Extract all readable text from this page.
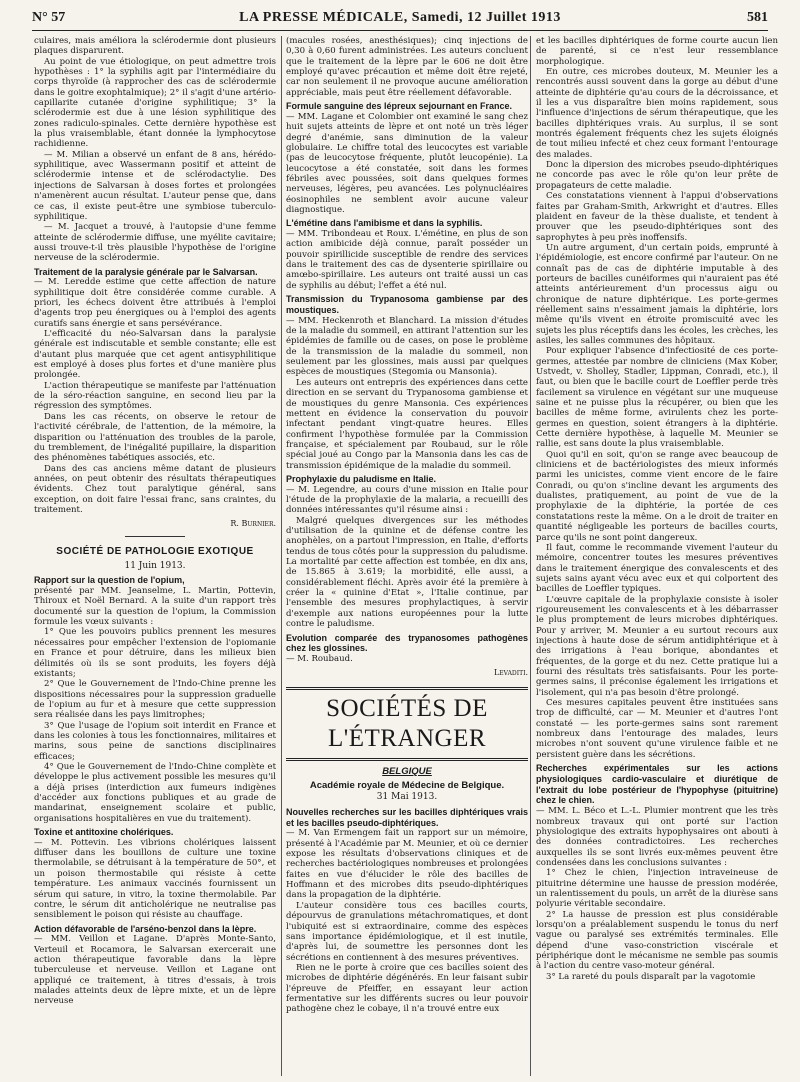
N° 57	LA PRESSE MÉDICALE, Samedi, 12 Juillet 1913	581

culaires, mais améliora la sclérodermie dont plusieurs plaques disparurent.

Au point de vue étiologique, on peut admettre trois hypothèses : 1° la syphilis agit par l'intermédiaire du corps thyroïde (à rapprocher des cas de sclérodermie dans le goitre exophtalmique); 2° il s'agit d'une artério-capillarite cutanée d'origine syphilitique; 3° la sclérodermie est due à une lésion syphilitique des zones radiculo-spinales. Cette dernière hypothèse est la plus vraisemblable, étant donnée la lymphocytose rachidienne.

— M. Milian a observé un enfant de 8 ans, hérédo-syphilitique, avec Wassermann positif et atteint de sclérodermie intense et de sclérodactylie. Des injections de Salvarsan à doses fortes et prolongées n'amenèrent aucun résultat. L'auteur pense que, dans ce cas, il existe peut-être une symbiose tuberculo-syphilitique.

— M. Jacquet a trouvé, à l'autopsie d'une femme atteinte de sclérodermie diffuse, une myélite cavitaire; aussi trouve-t-il très plausible l'hypothèse de l'origine nerveuse de la sclérodermie.

Traitement de la paralysie générale par le Salvarsan.

— M. Leredde estime que cette affection de nature syphilitique doit être considérée comme curable. A priori, les échecs doivent être attribués à l'emploi d'agents trop peu énergiques ou à l'emploi des agents curatifs sans énergie et sans persévérance.

L'efficacité du néo-Salvarsan dans la paralysie générale est indiscutable et semble constante; elle est d'autant plus marquée que cet agent antisyphilitique est employé à doses plus fortes et d'une manière plus prolongée.

L'action thérapeutique se manifeste par l'atténuation de la séro-réaction sanguine, en second lieu par la régression des symptômes.

Dans les cas récents, on observe le retour de l'activité cérébrale, de l'attention, de la mémoire, la disparition ou l'atténuation des troubles de la parole, du tremblement, de l'inégalité pupillaire, la disparition des phénomènes tabétiques associés, etc.

Dans des cas anciens même datant de plusieurs années, on peut obtenir des résultats thérapeutiques évidents. Chez tout paralytique général, sans exception, on doit faire l'essai franc, sans craintes, du traitement.

R. Burnier.
SOCIÉTÉ DE PATHOLOGIE EXOTIQUE
11 Juin 1913.

Rapport sur la question de l'opium,

présenté par MM. Jeanselme, L. Martin, Pottevin, Thiroux et Noël Bernard. A la suite d'un rapport très documenté sur la question de l'opium, la Commission formule les vœux suivants :

1° Que les pouvoirs publics prennent les mesures nécessaires pour empêcher l'extension de l'opiomanie en France et pour détruire, dans les milieux bien délimités où ils se sont produits, les foyers déjà existants;

2° Que le Gouvernement de l'Indo-Chine prenne les dispositions nécessaires pour la suppression graduelle de l'opium au fur et à mesure que cette suppression sera réalisée dans les pays limitrophes;

3° Que l'usage de l'opium soit interdit en France et dans les colonies à tous les fonctionnaires, militaires et marins, sous peine de sanctions disciplinaires efficaces;

4° Que le Gouvernement de l'Indo-Chine complète et développe le plus activement possible les mesures qu'il a déjà prises (interdiction aux fumeurs indigènes d'accéder aux fonctions publiques et au grade de mandarinat, enseignement scolaire et public, organisations hospitalières en vue du traitement).

Toxine et antitoxine cholériques.

— M. Pottevin. Les vibrions cholériques laissent diffuser dans les bouillons de culture une toxine thermolabile, se détruisant à la température de 50°, et un poison thermostabile qui résiste à cette température. Les animaux vaccinés fournissent un sérum qui sature, in vitro, la toxine thermolabile. Par contre, le sérum dit anticholérique ne neutralise pas sensiblement le poison qui résiste au chauffage.

Action défavorable de l'arséno-benzol dans la lèpre.

— MM. Veillon et Lagane. D'après Monte-Santo, Verteuil et Rocamora, le Salvarsan exercerait une action thérapeutique favorable dans la lèpre tuberculeuse et nerveuse. Veillon et Lagane ont appliqué ce traitement, à titres d'essais, à trois malades atteints deux de lèpre mixte, et un de lèpre nerveuse

(macules rosées, anesthésiques); cinq injections de 0,30 à 0,60 furent administrées. Les auteurs concluent que le traitement de la lèpre par le 606 ne doit être employé qu'avec précaution et même doit être rejeté, car non seulement il ne provoque aucune amélioration appréciable, mais peut être réellement défavorable.

Formule sanguine des lépreux sejournant en France.

— MM. Lagane et Colombier ont examiné le sang chez huit sujets atteints de lèpre et ont noté un très léger degré d'anémie, sans diminution de la valeur globulaire. Le chiffre total des leucocytes est variable (pas de leucocytose fréquente, plutôt leucopénie). La leucocytose a été constatée, soit dans les formes fébriles avec poussées, soit dans quelques formes nerveuses, légères, peu avancées. Les polynucléaires éosinophiles ne semblent avoir aucune valeur diagnostique.

L'émétine dans l'amibisme et dans la syphilis.

— MM. Tribondeau et Roux. L'émétine, en plus de son action amibicide déjà connue, paraît posséder un pouvoir spirillicide susceptible de rendre des services dans le traitement des cas de dysenterie spirillaire ou amœbo-spirillaire. Les auteurs ont traité aussi un cas de syphilis au début; l'effet a été nul.

Transmission du Trypanosoma gambiense par des moustiques.

— MM. Heckenroth et Blanchard. La mission d'études de la maladie du sommeil, en attirant l'attention sur les épidémies de famille ou de cases, on pose le problème de la transmission de la maladie du sommeil, non seulement par les glossines, mais aussi par quelques espèces de moustiques (Stegomia ou Mansonia).

Les auteurs ont entrepris des expériences dans cette direction en se servant du Trypanosoma gambiense et de moustiques du genre Mansonia. Ces expériences mettent en évidence la conservation du pouvoir infectant pendant vingt-quatre heures. Elles confirment l'hypothèse formulée par la Commission française, et spécialement par Roubaud, sur le rôle spécial joué au Congo par la Mansonia dans les cas de transmission épidémique de la maladie du sommeil.

Prophylaxie du paludisme en Italie.

— M. Legendre, au cours d'une mission en Italie pour l'étude de la prophylaxie de la malaria, a recueilli des données intéressantes qu'il résume ainsi :

Malgré quelques divergences sur les méthodes d'utilisation de la quinine et de défense contre les anophèles, on a partout l'impression, en Italie, d'efforts tendus de tous côtés pour la suppression du paludisme. La mortalité par cette affection est tombée, en dix ans, de 15.865 à 3.619; la morbidité, elle aussi, a considérablement fléchi. Après avoir été la première à créer la « quinine d'Etat », l'Italie continue, par l'ensemble des mesures prophylactiques, à servir d'exemple aux nations européennes pour la lutte contre le paludisme.

Evolution comparée des trypanosomes pathogènes chez les glossines.

— M. Roubaud.

Levaditi.
SOCIÉTÉS DE L'ÉTRANGER
BELGIQUE
Académie royale de Médecine de Belgique.
31 Mai 1913.

Nouvelles recherches sur les bacilles diphtériques vrais et les bacilles pseudo-diphtériques.

— M. Van Ermengem fait un rapport sur un mémoire, présenté à l'Académie par M. Meunier, et où ce dernier expose les résultats d'observations cliniques et de recherches bactériologiques nombreuses et prolongées faites en vue d'élucider le rôle des bacilles de Hoffmann et des microbes dits pseudo-diphtériques dans la propagation de la diphtérie.

L'auteur considère tous ces bacilles courts, dépourvus de granulations métachromatiques, et dont l'ubiquité est si extraordinaire, comme des espèces sans importance épidémiologique, et il est inutile, d'après lui, de soumettre les personnes dont les sécrétions en contiennent à des mesures préventives.

Rien ne le porte à croire que ces bacilles soient des microbes de diphtérie dégénérés. En leur faisant subir l'épreuve de Pfeiffer, en essayant leur action fermentative sur les différents sucres ou leur pouvoir pathogène chez le cobaye, il n'a trouvé entre eux

et les bacilles diphtériques de forme courte aucun lien de parenté, si ce n'est leur ressemblance morphologique.

En outre, ces microbes douteux, M. Meunier les a rencontrés aussi souvent dans la gorge au début d'une atteinte de diphtérie qu'au cours de la décroissance, et il les a vus disparaître bien moins rapidement, sous l'influence d'injections de sérum thérapeutique, que les bacilles diphtériques vrais. Au surplus, il se sont montrés également fréquents chez les sujets éloignés de tout milieu infecté et chez ceux formant l'entourage des malades.

Donc la dipersion des microbes pseudo-diphtériques ne concorde pas avec le rôle qu'on leur prête de propagateurs de cette maladie.

Ces constatations viennent à l'appui d'observations faites par Graham-Smith, Arkwright et d'autres. Elles plaident en faveur de la thèse dualiste, et tendent à prouver que les pseudo-diphtériques sont des saprophytes à peu près inoffensifs.

Un autre argument, d'un certain poids, emprunté à l'épidémiologie, est encore confirmé par l'auteur. On ne connaît pas de cas de diphtérie imputable à des porteurs de bacilles cunéiformes qui n'auraient pas été atteints antérieurement d'un processus aigu ou chronique de nature diphtérique. Les porte-germes réellement sains n'essaiment jamais la diphtérie, lors même qu'ils vivent en étroite promiscuité avec les sujets les plus réceptifs dans les écoles, les crèches, les asiles, les salles communes des hôpitaux.

Pour expliquer l'absence d'infectiosité de ces porte-germes, attestée par nombre de cliniciens (Max Kober, Ustvedt, v. Sholley, Stadler, Lippman, Conradi, etc.), il faut, ou bien que le bacille court de Loeffler perde très facilement sa virulence en végétant sur une muqueuse saine et ne puisse plus la récupérer, ou bien que les bacilles de même forme, avirulents chez les porte-germes en question, soient étrangers à la diphtérie. Cette dernière hypothèse, à laquelle M. Meunier se rallie, est sans doute la plus vraisemblable.

Quoi qu'il en soit, qu'on se range avec beaucoup de cliniciens et de bactériologistes des mieux informés parmi les unicistes, comme vient encore de le faire Conradi, ou qu'on s'incline devant les arguments des dualistes, pratiquement, au point de vue de la prophylaxie de la diphtérie, la portée de ces constatations reste la même. On a le droit de traiter en quantité négligeable les porteurs de bacilles courts, parce qu'ils ne sont point dangereux.

Il faut, comme le recommande vivement l'auteur du mémoire, concentrer toutes les mesures préventives dans le traitement énergique des convalescents et des sujets sains ayant vécu avec eux et qui colportent des bacilles de Loeffler typiques.

L'œuvre capitale de la prophylaxie consiste à isoler rigoureusement les convalescents et à les débarrasser le plus promptement de leurs microbes diphtériques. Pour y arriver, M. Meunier a eu surtout recours aux injections à haute dose de sérum antidiphtérique et à des irrigations à l'eau borique, abondantes et fréquentes, de la gorge et du nez. Cette pratique lui a fourni des résultats très satisfaisants. Pour les porte-germes sains, il préconise également les irrigations et l'isolement, qui n'a pas besoin d'être prolongé.

Ces mesures capitales peuvent être instituées sans trop de difficulté, car — M. Meunier et d'autres l'ont constaté — les porte-germes sains sont rarement nombreux dans l'entourage des malades, leurs microbes n'ont souvent qu'une virulence faible et ne persistent guère dans les sécrétions.

Recherches expérimentales sur les actions physiologiques cardio-vasculaire et diurétique de l'extrait du lobe postérieur de l'hypophyse (pituitrine) chez le chien.

— MM. L. Béco et L.-L. Plumier montrent que les très nombreux travaux qui ont porté sur l'action physiologique des extraits hypophysaires ont abouti à des données contradictoires. Les recherches auxquelles ils se sont livrés eux-mêmes peuvent être condensées dans les conclusions suivantes :

1° Chez le chien, l'injection intraveineuse de pituitrine détermine une hausse de pression modérée, un ralentissement du pouls, un arrêt de la diurèse sans polyurie véritable secondaire.

2° La hausse de pression est plus considérable lorsqu'on a préalablement suspendu le tonus du nerf vague ou paralysé ses extrémités terminales. Elle dépend d'une vaso-constriction viscérale et périphérique dont le mécanisme ne semble pas soumis à l'action du centre vaso-moteur général.

3° La rareté du pouls disparaît par la vagotomie
